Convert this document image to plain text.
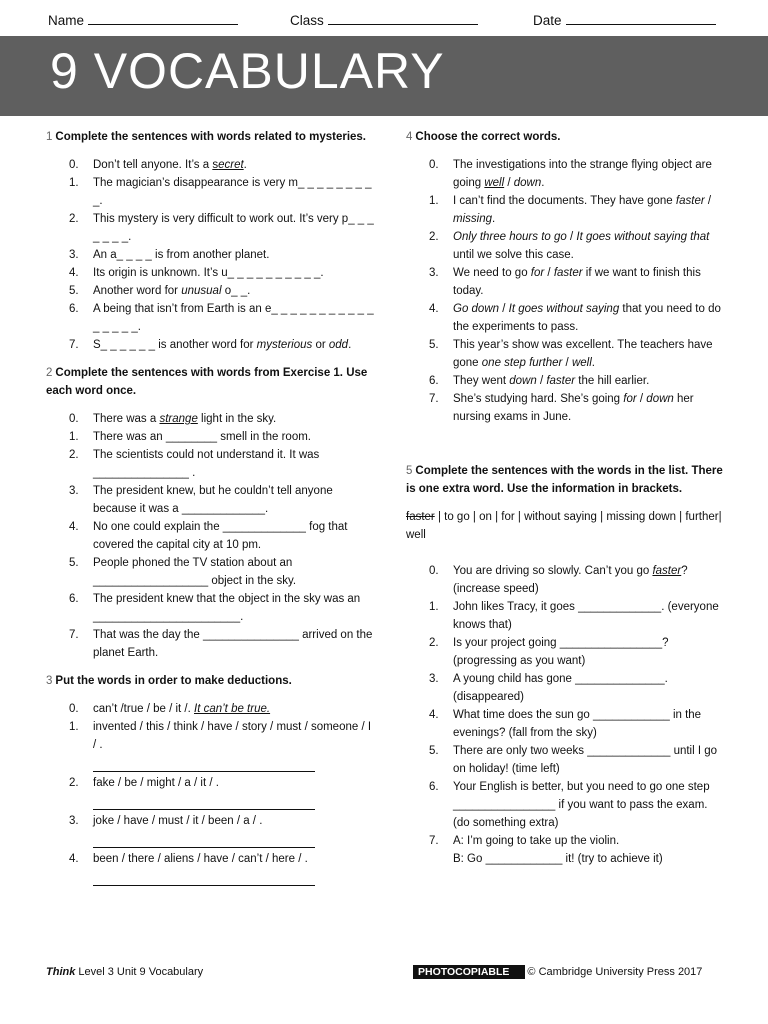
Name	Class	Date
9 VOCABULARY
1 Complete the sentences with words related to mysteries.
0. Don’t tell anyone. It’s a secret.
1. The magician’s disappearance is very m_ _ _ _ _ _ _ _ _.
2. This mystery is very difficult to work out. It’s very p_ _ _ _ _ _ _.
3. An a_ _ _ _ is from another planet.
4. Its origin is unknown. It’s u_ _ _ _ _ _ _ _ _ _.
5. Another word for unusual o_ _.
6. A being that isn’t from Earth is an e_ _ _ _ _ _ _ _ _ _ _ _ _ _ _ _.
7. S_ _ _ _ _ _ is another word for mysterious or odd.
2 Complete the sentences with words from Exercise 1. Use each word once.
0. There was a strange light in the sky.
1. There was an ________ smell in the room.
2. The scientists could not understand it. It was _______________ .
3. The president knew, but he couldn’t tell anyone because it was a _____________.
4. No one could explain the _____________ fog that covered the capital city at 10 pm.
5. People phoned the TV station about an __________________ object in the sky.
6. The president knew that the object in the sky was an _______________________.
7. That was the day the _______________ arrived on the planet Earth.
3 Put the words in order to make deductions.
0. can’t /true / be / it /. It can’t be true.
1. invented / this / think / have / story / must / someone / I / .
2. fake / be / might / a / it / .
3. joke / have / must / it / been / a / .
4. been / there / aliens / have / can’t / here / .
4 Choose the correct words.
0. The investigations into the strange flying object are going well / down.
1. I can’t find the documents. They have gone faster / missing.
2. Only three hours to go / It goes without saying that until we solve this case.
3. We need to go for / faster if we want to finish this today.
4. Go down / It goes without saying that you need to do the experiments to pass.
5. This year’s show was excellent. The teachers have gone one step further / well.
6. They went down / faster the hill earlier.
7. She’s studying hard. She’s going for / down her nursing exams in June.
5 Complete the sentences with the words in the list. There is one extra word. Use the information in brackets.
faster | to go | on | for | without saying | missing down | further| well
0. You are driving so slowly. Can’t you go faster? (increase speed)
1. John likes Tracy, it goes _____________. (everyone knows that)
2. Is your project going ________________? (progressing as you want)
3. A young child has gone ______________. (disappeared)
4. What time does the sun go ____________ in the evenings? (fall from the sky)
5. There are only two weeks _____________ until I go on holiday! (time left)
6. Your English is better, but you need to go one step ________________ if you want to pass the exam. (do something extra)
7. A: I’m going to take up the violin.
B: Go ____________ it! (try to achieve it)
Think Level 3 Unit 9 Vocabulary	PHOTOCOPIABLE © Cambridge University Press 2017
